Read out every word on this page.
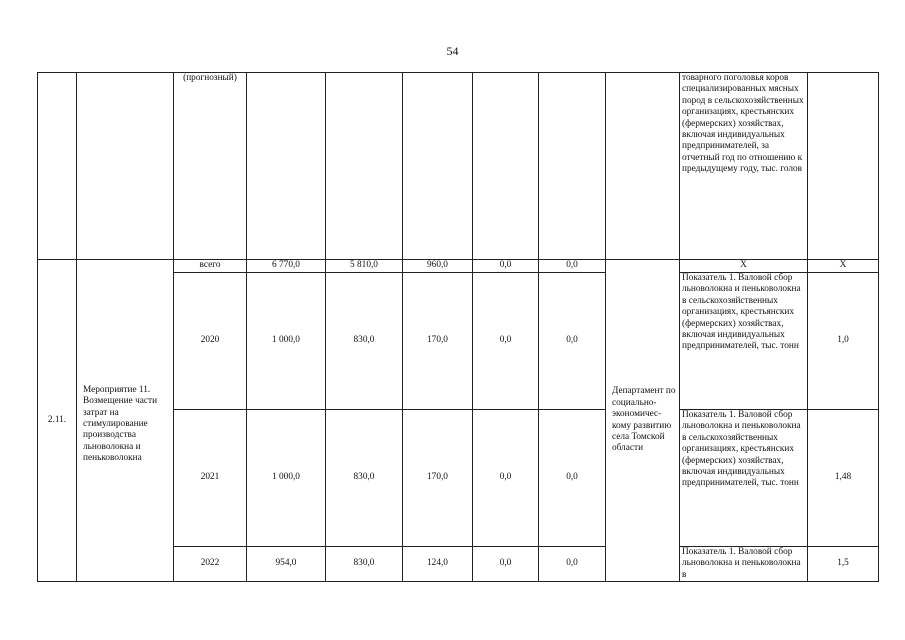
54
		(прогнозный)							товарного поголовья коров специализированных мясных пород в сельскохозяйственных организациях, крестьянских (фермерских) хозяйствах, включая индивидуальных предпринимателей, за отчетный год по отношению к предыдущему году, тыс. голов	
2.11.	Мероприятие 11. Возмещение части затрат на стимулирование производства льноволокна и пеньковолокна	всего	6 770,0	5 810,0	960,0	0,0	0,0	Департамент по социально-экономичес-кому развитию села Томской области	X	X
		2020	1 000,0	830,0	170,0	0,0	0,0		Показатель 1. Валовой сбор льноволокна и пеньковолокна в сельскохозяйственных организациях, крестьянских (фермерских) хозяйствах, включая индивидуальных предпринимателей, тыс. тонн	1,0
		2021	1 000,0	830,0	170,0	0,0	0,0		Показатель 1. Валовой сбор льноволокна и пеньковолокна в сельскохозяйственных организациях, крестьянских (фермерских) хозяйствах, включая индивидуальных предпринимателей, тыс. тонн	1,48
		2022	954,0	830,0	124,0	0,0	0,0		Показатель 1. Валовой сбор льноволокна и пеньковолокна в	1,5
